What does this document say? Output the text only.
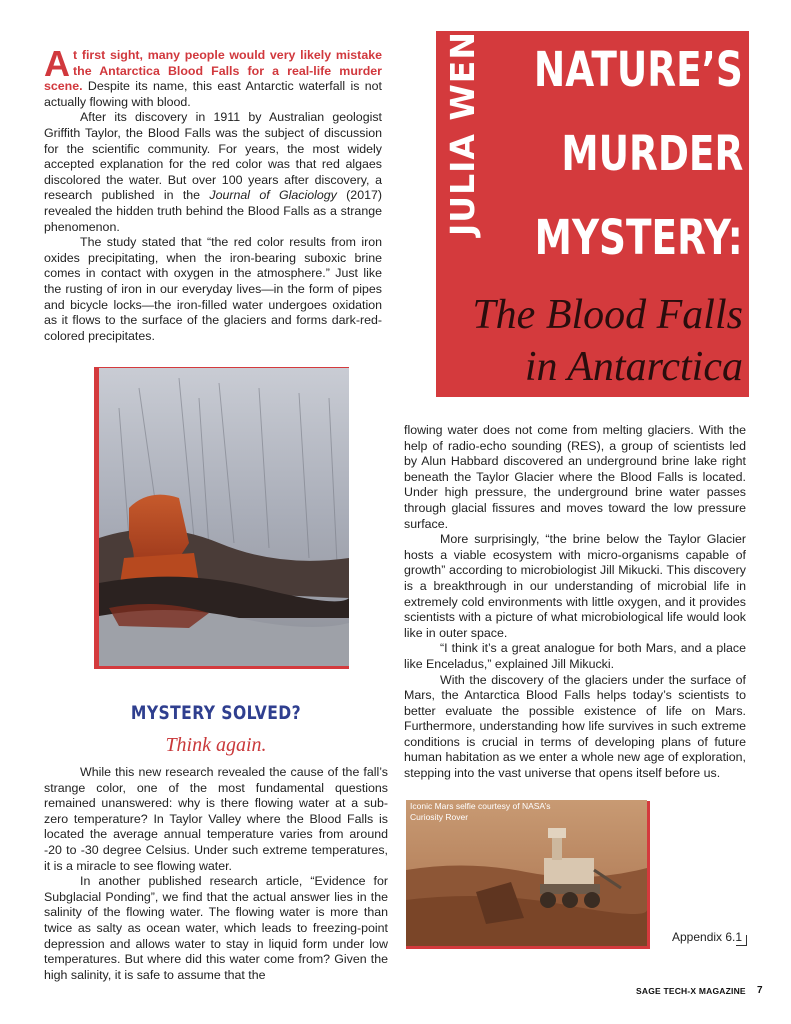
At first sight, many people would very likely mistake the Antarctica Blood Falls for a real-life murder scene. Despite its name, this east Antarctic waterfall is not actually flowing with blood.

After its discovery in 1911 by Australian geologist Griffith Taylor, the Blood Falls was the subject of discussion for the scientific community. For years, the most widely accepted explanation for the red color was that red algaes discolored the water. But over 100 years after discovery, a research published in the Journal of Glaciology (2017) revealed the hidden truth behind the Blood Falls as a strange phenomenon.

The study stated that “the red color results from iron oxides precipitating, when the iron-bearing suboxic brine comes in contact with oxygen in the atmosphere.” Just like the rusting of iron in our everyday lives—in the form of pipes and bicycle locks—the iron-filled water undergoes oxidation as it flows to the surface of the glaciers and forms dark-red-colored precipitates.

JULIA WEN NATURE’S
MURDER
MYSTERY:
The Blood Falls
in Antarctica
MYSTERY SOLVED?
Think again.

While this new research revealed the cause of the fall’s strange color, one of the most fundamental questions remained unanswered: why is there flowing water at a sub-zero temperature? In Taylor Valley where the Blood Falls is located the average annual temperature varies from around -20 to -30 degree Celsius. Under such extreme temperatures, it is a miracle to see flowing water.

In another published research article, “Evidence for Subglacial Ponding”, we find that the actual answer lies in the salinity of the flowing water. The flowing water is more than twice as salty as ocean water, which leads to freezing-point depression and allows water to stay in liquid form under low temperatures. But where did this water come from? Given the high salinity, it is safe to assume that the

flowing water does not come from melting glaciers. With the help of radio-echo sounding (RES), a group of scientists led by Alun Habbard discovered an underground brine lake right beneath the Taylor Glacier where the Blood Falls is located. Under high pressure, the underground brine water passes through glacial fissures and moves toward the low pressure surface.

More surprisingly, “the brine below the Taylor Glacier hosts a viable ecosystem with micro-organisms capable of growth” according to microbiologist Jill Mikucki. This discovery is a breakthrough in our understanding of microbial life in extremely cold environments with little oxygen, and it provides scientists with a picture of what microbiological life would look like in outer space.

“I think it’s a great analogue for both Mars, and a place like Enceladus,” explained Jill Mikucki.

With the discovery of the glaciers under the surface of Mars, the Antarctica Blood Falls helps today’s scientists to better evaluate the possible existence of life on Mars. Furthermore, understanding how life survives in such extreme conditions is crucial in terms of developing plans of future human habitation as we enter a whole new age of exploration, stepping into the vast universe that opens itself before us.

Iconic Mars selfie courtesy of NASA’s Curiosity Rover
Appendix 6.1
SAGE TECH-X MAGAZINE 7
